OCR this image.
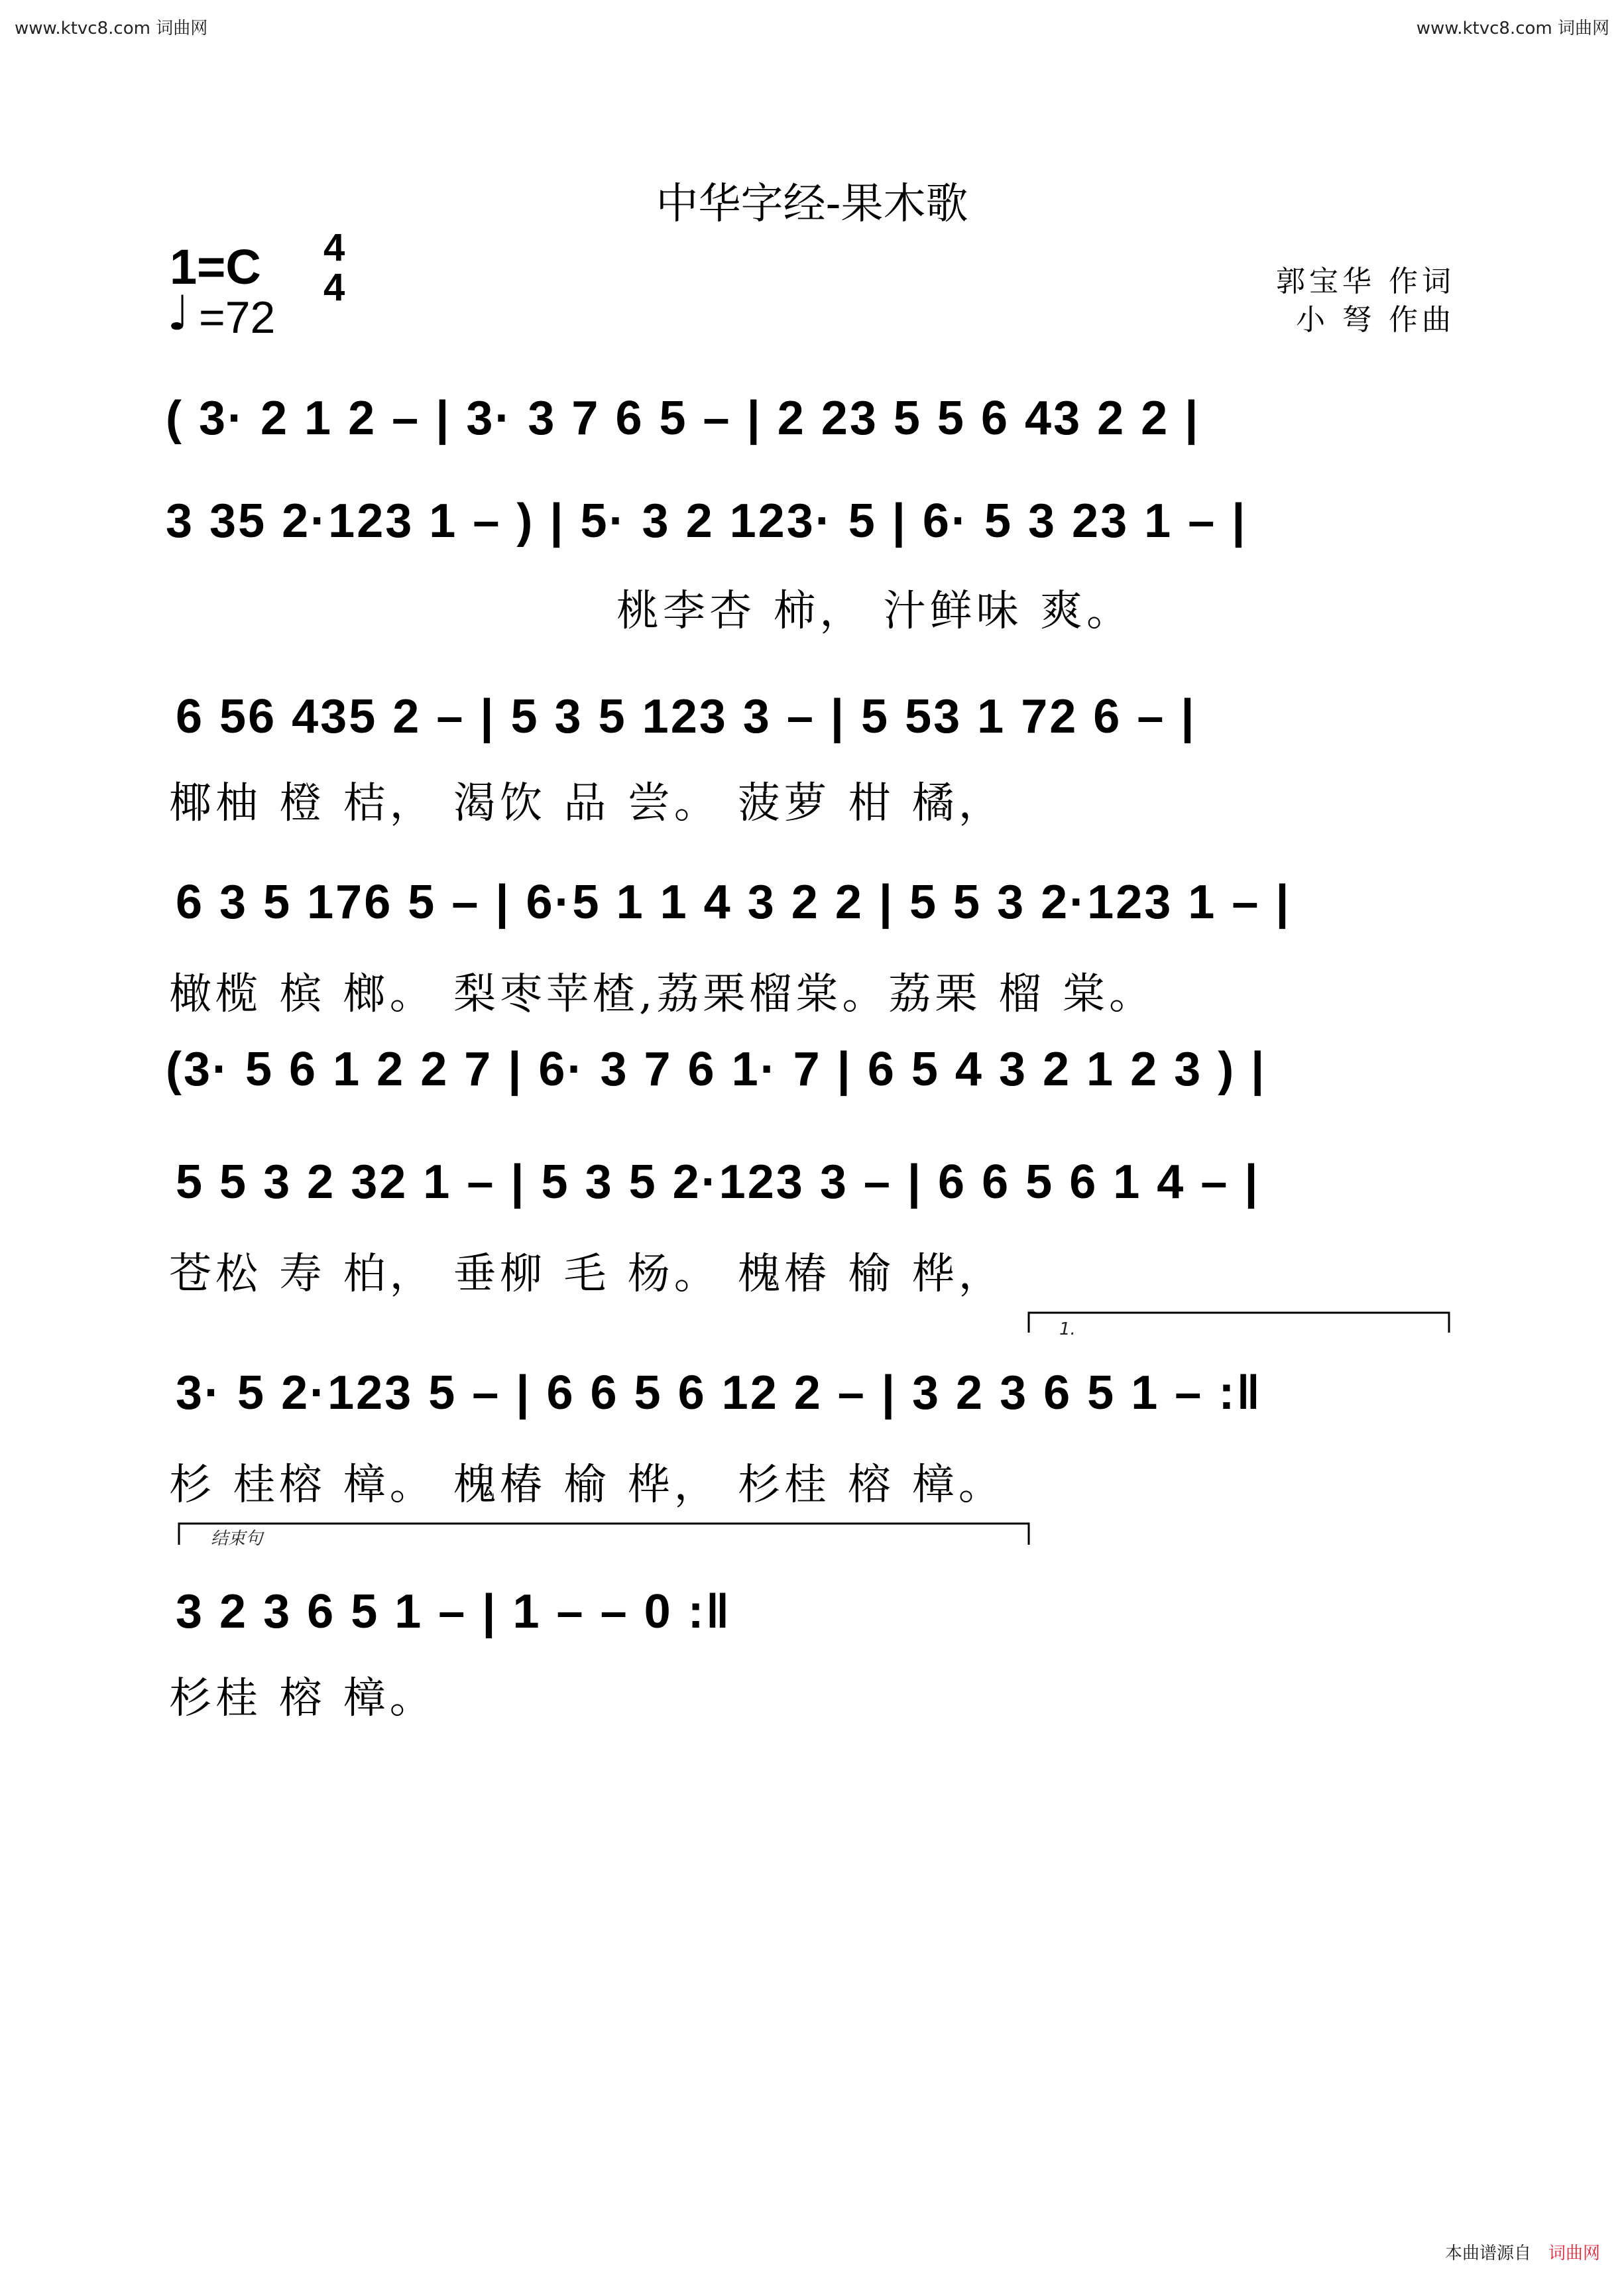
www.ktvc8.com 词曲网	www.ktvc8.com 词曲网
中华字经-果木歌
1=C 4
4
♩ =72
郭宝华 作词
小 弩 作曲
( 3· 2 1 2 – | 3· 3 7 6 5 – | 2 23 5 5 6 43 2 2 |
3 35 2·123 1 – ) | 5· 3 2 123· 5 | 6· 5 3 23 1 – |
桃李杏 柿， 汁鲜味 爽。
6 56 435 2 – | 5 3 5 123 3 – | 5 53 1 72 6 – |
椰柚 橙 桔， 渴饮 品 尝。 菠萝 柑 橘，
6 3 5 176 5 – | 6·5 1 1 4 3 2 2 | 5 5 3 2·123 1 – |
橄榄 槟 榔。 梨枣苹楂,荔栗榴棠。荔栗 榴 棠。
(3· 5 6 1 2 2 7 | 6· 3 7 6 1· 7 | 6 5 4 3 2 1 2 3 ) |
5 5 3 2 32 1 – | 5 3 5 2·123 3 – | 6 6 5 6 1 4 – |
苍松 寿 柏， 垂柳 毛 杨。 槐椿 榆 桦，
1.
3· 5 2·123 5 – | 6 6 5 6 12 2 – | 3 2 3 6 5 1 – :‖
杉 桂榕 樟。 槐椿 榆 桦， 杉桂 榕 樟。
结束句
3 2 3 6 5 1 – | 1 – – 0 :‖
杉桂 榕 樟。
本曲谱源自 词曲网
